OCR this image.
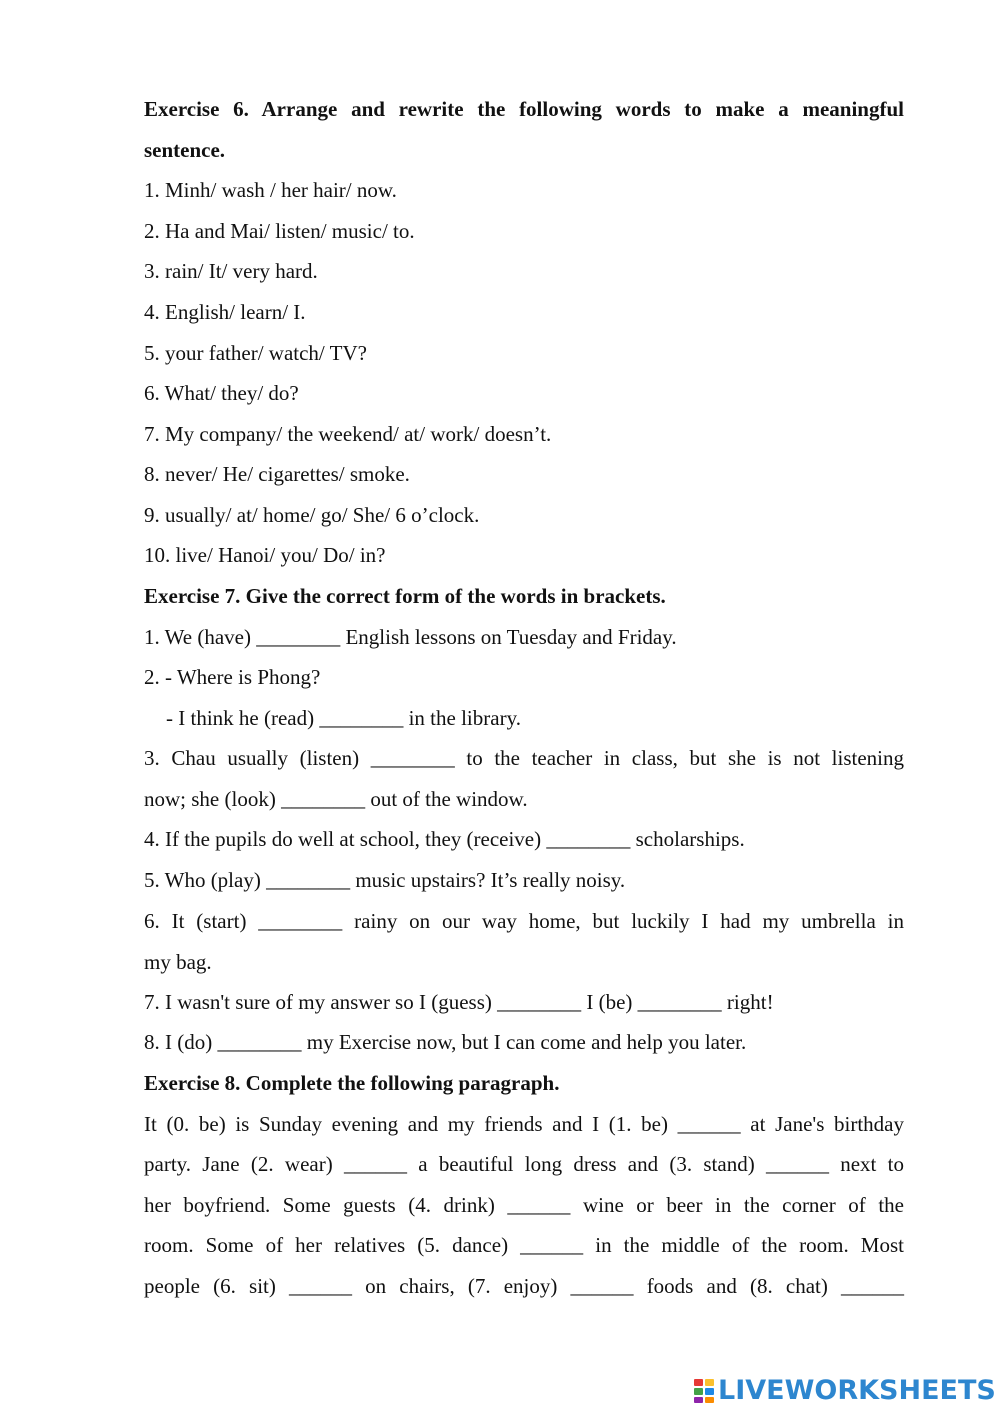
Exercise 6. Arrange and rewrite the following words to make a meaningful
sentence.
1. Minh/ wash / her hair/ now.
2. Ha and Mai/ listen/ music/ to.
3. rain/ It/ very hard.
4. English/ learn/ I.
5. your father/ watch/ TV?
6. What/ they/ do?
7. My company/ the weekend/ at/ work/ doesn’t.
8. never/ He/ cigarettes/ smoke.
9. usually/ at/ home/ go/ She/ 6 o’clock.
10. live/ Hanoi/ you/ Do/ in?
Exercise 7. Give the correct form of the words in brackets.
1. We (have) ________ English lessons on Tuesday and Friday.
2. - Where is Phong?
- I think he (read) ________ in the library.
3. Chau usually (listen) ________ to the teacher in class, but she is not listening
now; she (look) ________ out of the window.
4. If the pupils do well at school, they (receive) ________ scholarships.
5. Who (play) ________ music upstairs? It’s really noisy.
6. It (start) ________ rainy on our way home, but luckily I had my umbrella in
my bag.
7. I wasn't sure of my answer so I (guess) ________ I (be) ________ right!
8. I (do) ________ my Exercise now, but I can come and help you later.
Exercise 8. Complete the following paragraph.
It (0. be) is Sunday evening and my friends and I (1. be) ______ at Jane's birthday
party. Jane (2. wear) ______ a beautiful long dress and (3. stand) ______ next to
her boyfriend. Some guests (4. drink) ______ wine or beer in the corner of the
room. Some of her relatives (5. dance) ______ in the middle of the room. Most
people (6. sit) ______ on chairs, (7. enjoy) ______ foods and (8. chat) ______
LIVEWORKSHEETS
